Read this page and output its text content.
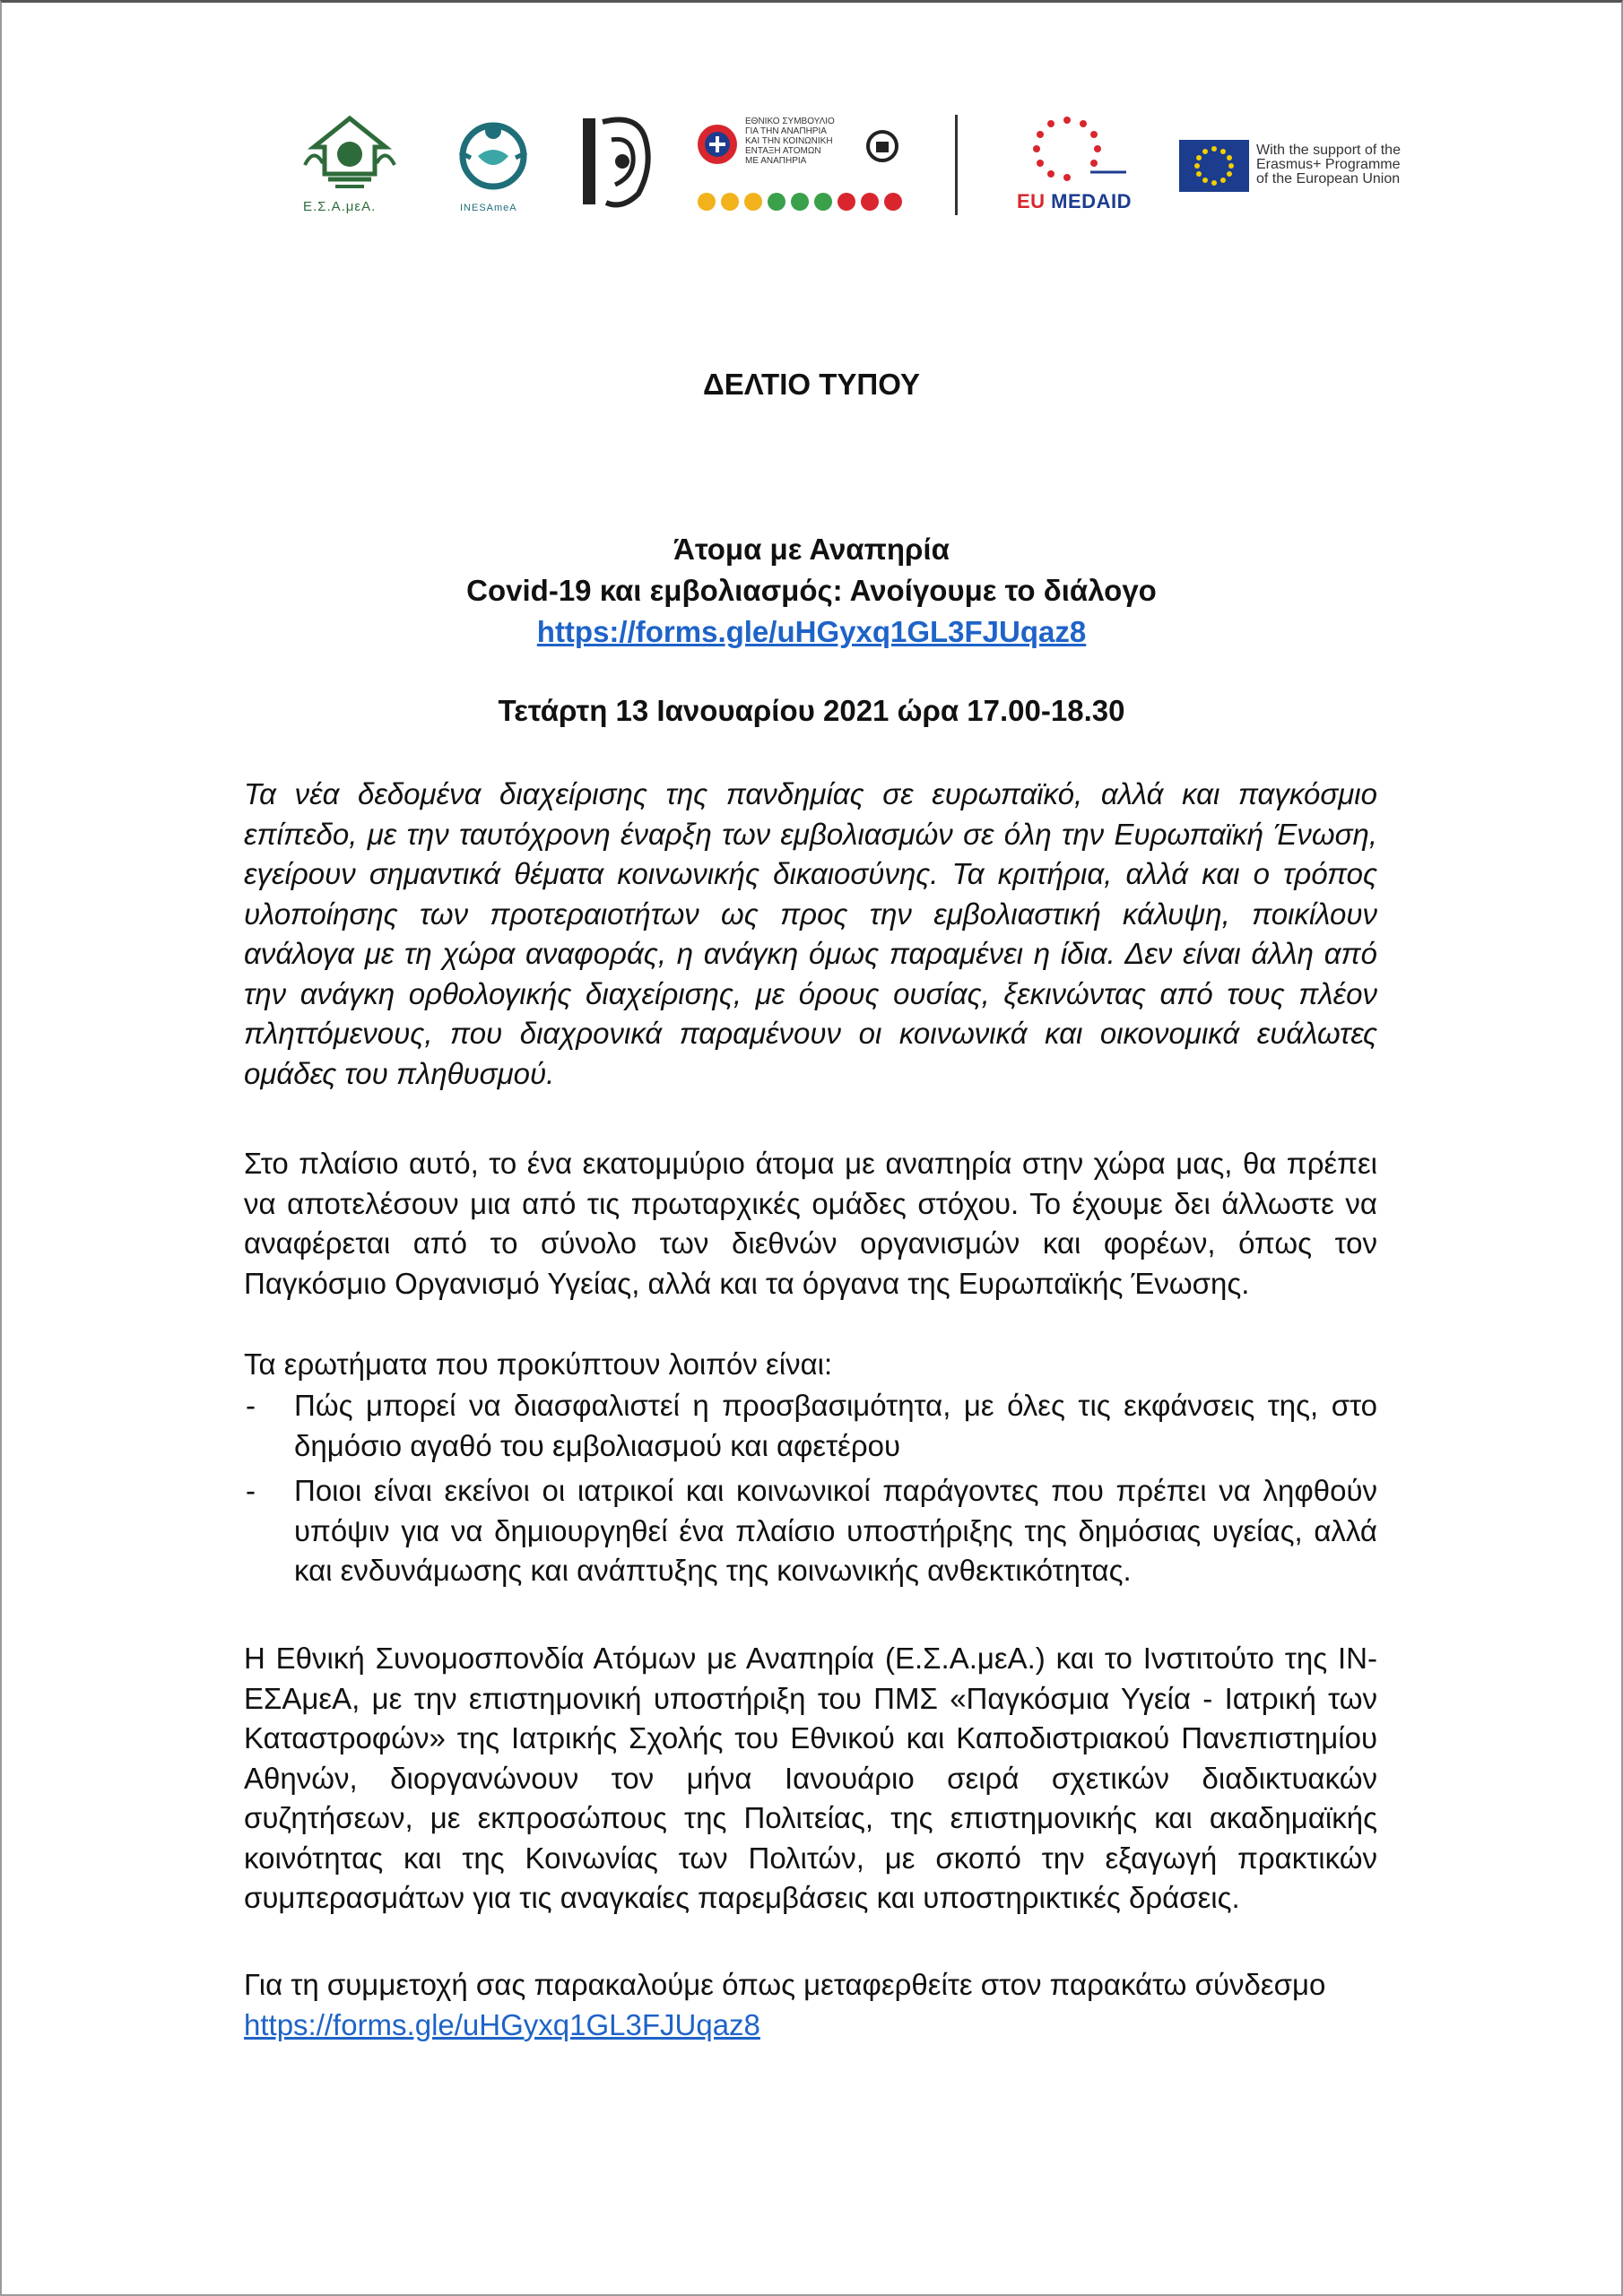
Ε.Σ.Α.μεΑ.	INESAmeA
ΕΘΝΙΚΟ ΣΥΜΒΟΥΛΙΟ
ΓΙΑ ΤΗΝ ΑΝΑΠΗΡΙΑ
ΚΑΙ ΤΗΝ ΚΟΙΝΩΝΙΚΗ
ΕΝΤΑΞΗ ΑΤΟΜΩΝ
ΜΕ ΑΝΑΠΗΡΙΑ
EU MEDAID
With the support of the
Erasmus+ Programme
of the European Union
ΔΕΛΤΙΟ ΤΥΠΟΥ
Άτομα με Αναπηρία
Covid-19 και εμβολιασμός: Ανοίγουμε το διάλογο
https://forms.gle/uHGyxq1GL3FJUqaz8
Τετάρτη 13 Ιανουαρίου 2021 ώρα 17.00-18.30
Τα νέα δεδομένα διαχείρισης της πανδημίας σε ευρωπαϊκό, αλλά και παγκόσμιο επίπεδο, με την ταυτόχρονη έναρξη των εμβολιασμών σε όλη την Ευρωπαϊκή Ένωση, εγείρουν σημαντικά θέματα κοινωνικής δικαιοσύνης. Τα κριτήρια, αλλά και ο τρόπος υλοποίησης των προτεραιοτήτων ως προς την εμβολιαστική κάλυψη, ποικίλουν ανάλογα με τη χώρα αναφοράς, η ανάγκη όμως παραμένει η ίδια. Δεν είναι άλλη από την ανάγκη ορθολογικής διαχείρισης, με όρους ουσίας, ξεκινώντας από τους πλέον πληττόμενους, που διαχρονικά παραμένουν οι κοινωνικά και οικονομικά ευάλωτες ομάδες του πληθυσμού.
Στο πλαίσιο αυτό, το ένα εκατομμύριο άτομα με αναπηρία στην χώρα μας, θα πρέπει να αποτελέσουν μια από τις πρωταρχικές ομάδες στόχου. Το έχουμε δει άλλωστε να αναφέρεται από το σύνολο των διεθνών οργανισμών και φορέων, όπως τον Παγκόσμιο Οργανισμό Υγείας, αλλά και τα όργανα της Ευρωπαϊκής Ένωσης.
Τα ερωτήματα που προκύπτουν λοιπόν είναι:
- Πώς μπορεί να διασφαλιστεί η προσβασιμότητα, με όλες τις εκφάνσεις της, στο δημόσιο αγαθό του εμβολιασμού και αφετέρου
- Ποιοι είναι εκείνοι οι ιατρικοί και κοινωνικοί παράγοντες που πρέπει να ληφθούν υπόψιν για να δημιουργηθεί ένα πλαίσιο υποστήριξης της δημόσιας υγείας, αλλά και ενδυνάμωσης και ανάπτυξης της κοινωνικής ανθεκτικότητας.
Η Εθνική Συνομοσπονδία Ατόμων με Αναπηρία (Ε.Σ.Α.μεΑ.) και το Ινστιτούτο της ΙΝ-ΕΣΑμεΑ, με την επιστημονική υποστήριξη του ΠΜΣ «Παγκόσμια Υγεία - Ιατρική των Καταστροφών» της Ιατρικής Σχολής του Εθνικού και Καποδιστριακού Πανεπιστημίου Αθηνών, διοργανώνουν τον μήνα Ιανουάριο σειρά σχετικών διαδικτυακών συζητήσεων, με εκπροσώπους της Πολιτείας, της επιστημονικής και ακαδημαϊκής κοινότητας και της Κοινωνίας των Πολιτών, με σκοπό την εξαγωγή πρακτικών συμπερασμάτων για τις αναγκαίες παρεμβάσεις και υποστηρικτικές δράσεις.
Για τη συμμετοχή σας παρακαλούμε όπως μεταφερθείτε στον παρακάτω σύνδεσμο
https://forms.gle/uHGyxq1GL3FJUqaz8
